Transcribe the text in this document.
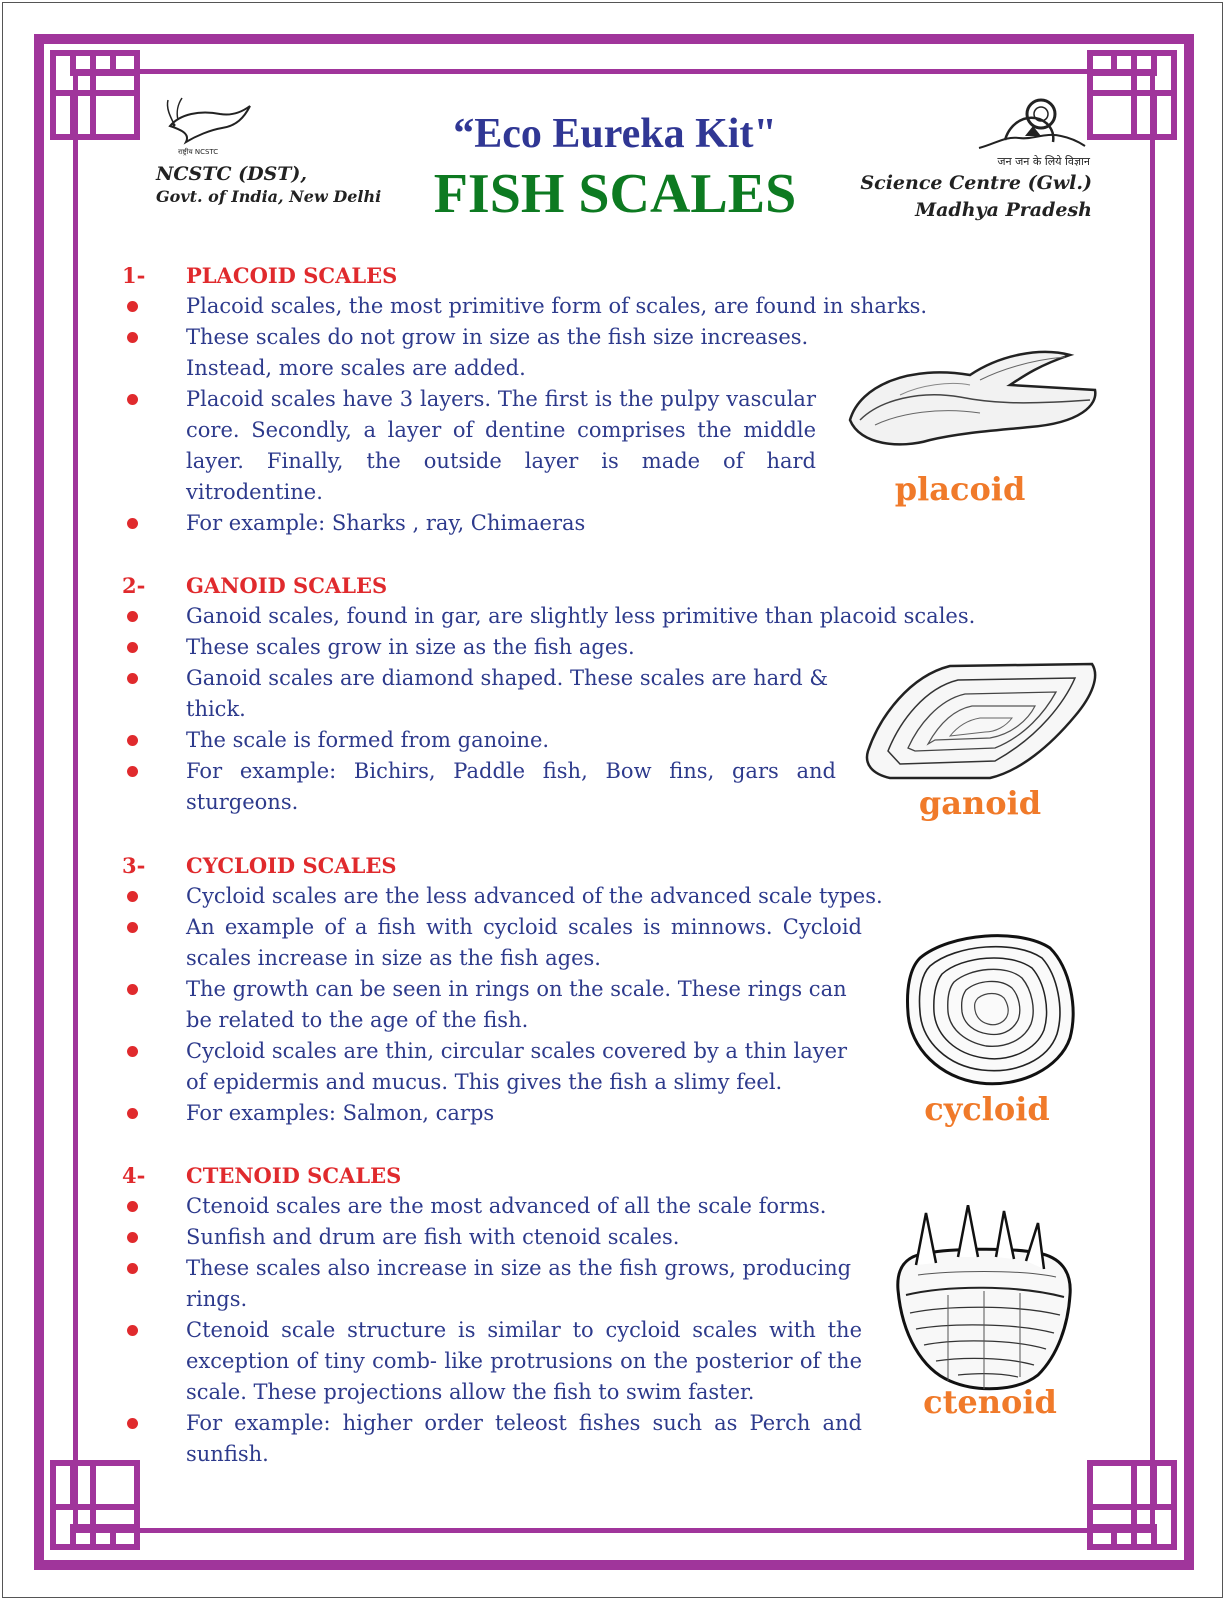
राष्ट्रीय NCSTC
NCSTC (DST),
Govt. of India, New Delhi
“Eco Eureka Kit"
FISH SCALES
जन जन के लिये विज्ञान
Science Centre (Gwl.)
Madhya Pradesh
1- PLACOID SCALES
Placoid scales, the most primitive form of scales, are found in sharks.
These scales do not grow in size as the fish size increases. Instead, more scales are added.
Placoid scales have 3 layers. The first is the pulpy vascular core. Secondly, a layer of dentine comprises the middle layer. Finally, the outside layer is made of hard vitrodentine.
For example: Sharks , ray, Chimaeras
placoid
2- GANOID SCALES
Ganoid scales, found in gar, are slightly less primitive than placoid scales.
These scales grow in size as the fish ages.
Ganoid scales are diamond shaped. These scales are hard & thick.
The scale is formed from ganoine.
For example: Bichirs, Paddle fish, Bow fins, gars and sturgeons.	ganoid
3- CYCLOID SCALES
Cycloid scales are the less advanced of the advanced scale types.
An example of a fish with cycloid scales is minnows. Cycloid scales increase in size as the fish ages.
The growth can be seen in rings on the scale. These rings can be related to the age of the fish.
Cycloid scales are thin, circular scales covered by a thin layer of epidermis and mucus. This gives the fish a slimy feel.
For examples: Salmon, carps	cycloid
4- CTENOID SCALES
Ctenoid scales are the most advanced of all the scale forms.
Sunfish and drum are fish with ctenoid scales.
These scales also increase in size as the fish grows, producing rings.
Ctenoid scale structure is similar to cycloid scales with the exception of tiny comb- like protrusions on the posterior of the scale. These projections allow the fish to swim faster.
For example: higher order teleost fishes such as Perch and sunfish.
ctenoid
